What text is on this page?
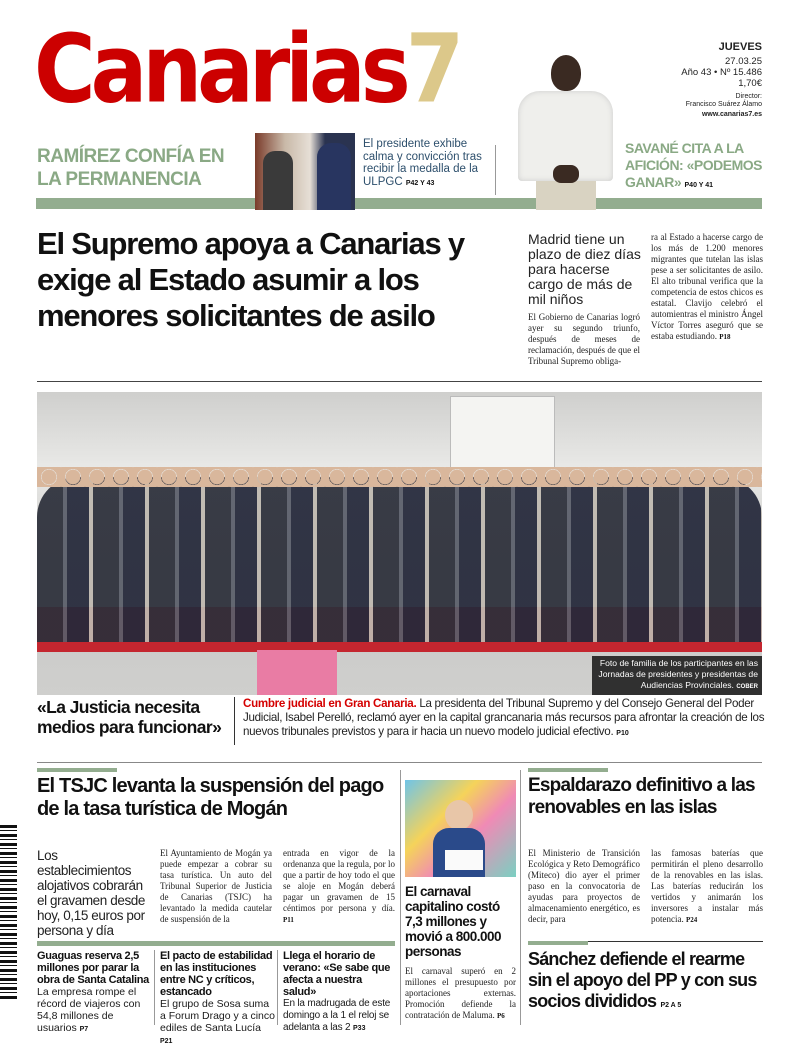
Canarias7	JUEVES
27.03.25
Año 43 • Nº 15.486
1,70€
Director:
Francisco Suárez Álamo
www.canarias7.es
RAMÍREZ CONFÍA EN LA PERMANENCIA
El presidente exhibe calma y convicción tras recibir la medalla de la ULPGC P42 Y 43
SAVANÉ CITA A LA AFICIÓN: «PODEMOS GANAR» P40 Y 41
El Supremo apoya a Canarias y exige al Estado asumir a los menores solicitantes de asilo
Madrid tiene un plazo de diez días para hacerse cargo de más de mil niños
El Gobierno de Canarias logró ayer su segundo triunfo, después de meses de reclamación, después de que el Tribunal Supremo obliga-
ra al Estado a hacerse cargo de los más de 1.200 menores migrantes que tutelan las islas pese a ser solicitantes de asilo. El alto tribunal verifica que la competencia de estos chicos es estatal. Clavijo celebró el automientras el ministro Ángel Víctor Torres aseguró que se estaba estudiando. P18
Foto de familia de los participantes en las Jornadas de presidentes y presidentas de Audiencias Provinciales. COBER
«La Justicia necesita medios para funcionar»
Cumbre judicial en Gran Canaria. La presidenta del Tribunal Supremo y del Consejo General del Poder Judicial, Isabel Perelló, reclamó ayer en la capital grancanaria más recursos para afrontar la creación de los nuevos tribunales previstos y para ir hacia un nuevo modelo judicial efectivo. P10
El TSJC levanta la suspensión del pago de la tasa turística de Mogán
Los establecimientos alojativos cobrarán el gravamen desde hoy, 0,15 euros por persona y día
El Ayuntamiento de Mogán ya puede empezar a cobrar su tasa turística. Un auto del Tribunal Superior de Justicia de Canarias (TSJC) ha levantado la medida cautelar de suspensión de la
entrada en vigor de la ordenanza que la regula, por lo que a partir de hoy todo el que se aloje en Mogán deberá pagar un gravamen de 15 céntimos por persona y día. P11
Guaguas reserva 2,5 millones por parar la obra de Santa Catalina
La empresa rompe el récord de viajeros con 54,8 millones de usuarios P7
El pacto de estabilidad en las instituciones entre NC y críticos, estancado
El grupo de Sosa suma a Forum Drago y a cinco ediles de Santa Lucía P21
Llega el horario de verano: «Se sabe que afecta a nuestra salud»
En la madrugada de este domingo a la 1 el reloj se adelanta a las 2 P33
El carnaval capitalino costó 7,3 millones y movió a 800.000 personas
El carnaval superó en 2 millones el presupuesto por aportaciones externas. Promoción defiende la contratación de Maluma. P6
Espaldarazo definitivo a las renovables en las islas
El Ministerio de Transición Ecológica y Reto Demográfico (Miteco) dio ayer el primer paso en la convocatoria de ayudas para proyectos de almacenamiento energético, es decir, para
las famosas baterías que permitirán el pleno desarrollo de la renovables en las islas. Las baterías reducirán los vertidos y animarán los inversores a instalar más potencia. P24
Sánchez defiende el rearme sin el apoyo del PP y con sus socios divididos P2 A 5
